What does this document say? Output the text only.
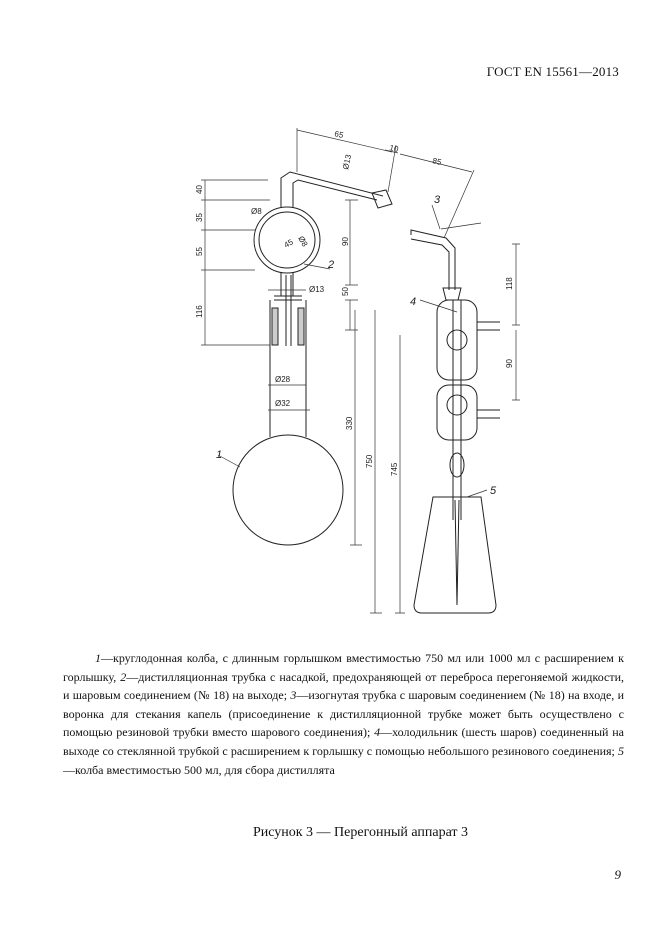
ГОСТ EN 15561—2013
1
2
3
4
5
65
10
85
Ø13
Ø8
Ø8
45
40
35
55
116
90
50
Ø13
Ø28
Ø32
330
750
745
118
90

1—круглодонная колба, с длинным горлышком вместимостью 750 мл или 1000 мл с расширением к горлышку, 2—дистилляционная трубка с насадкой, предохраняющей от переброса перегоняемой жидкости, и шаровым соединением (№ 18) на выходе; 3—изогнутая трубка с шаровым соединением (№ 18) на входе, и воронка для стекания капель (присоединение к дистилляционной трубке может быть осуществлено с помощью резиновой трубки вместо шарового соединения); 4—холодильник (шесть шаров) соединенный на выходе со стеклянной трубкой с расширением к горлышку с помощью небольшого резинового соединения; 5—колба вместимостью 500 мл, для сбора дистиллята

Рисунок 3 — Перегонный аппарат 3
9
